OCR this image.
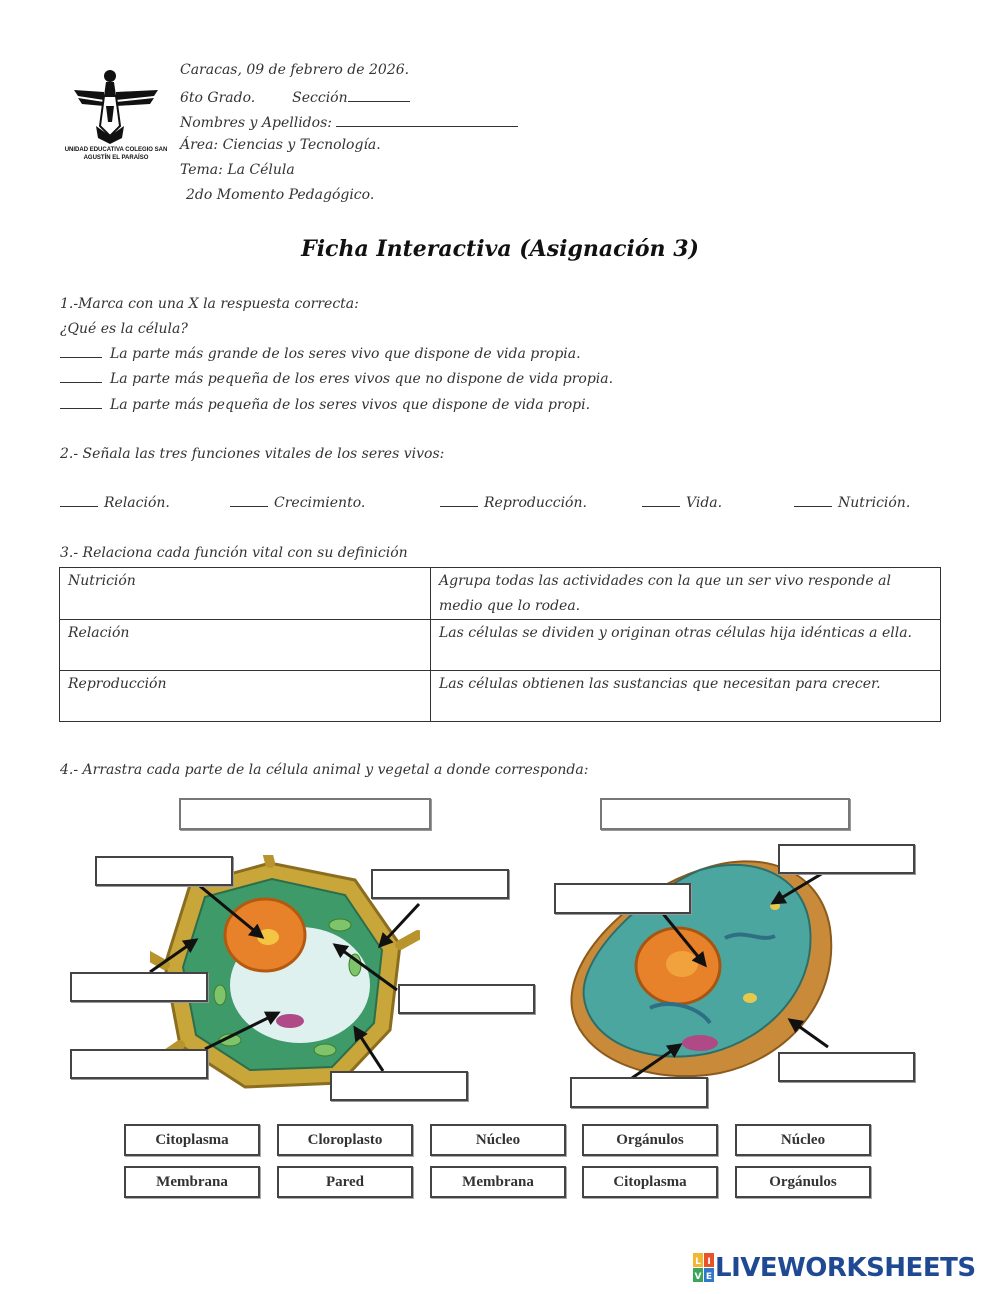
UNIDAD EDUCATIVA COLEGIO SAN AGUSTÍN EL PARAÍSO
Caracas, 09 de febrero de 2026.
6to Grado.	Sección
Nombres y Apellidos:
Área: Ciencias y Tecnología.
Tema: La Célula
2do Momento Pedagógico.
Ficha Interactiva (Asignación 3)
1.-Marca con una X la respuesta correcta:
¿Qué es la célula?
La parte más grande de los seres vivo que dispone de vida propia.
La parte más pequeña de los eres vivos que no dispone de vida propia.
La parte más pequeña de los seres vivos que dispone de vida propi.
2.- Señala las tres funciones vitales de los seres vivos:
Relación.	Crecimiento.	Reproducción.	Vida.	Nutrición.
3.- Relaciona cada función vital con su definición
Nutrición	Agrupa todas las actividades con la que un ser vivo responde al medio que lo rodea.
Relación	Las células se dividen y originan otras células hija idénticas a ella.
Reproducción	Las células obtienen las sustancias que necesitan para crecer.
4.- Arrastra cada parte de la célula animal y vegetal a donde corresponda:
Citoplasma	Cloroplasto	Núcleo	Orgánulos	Núcleo
Membrana	Pared	Membrana	Citoplasma	Orgánulos
L I
V E LIVEWORKSHEETS
